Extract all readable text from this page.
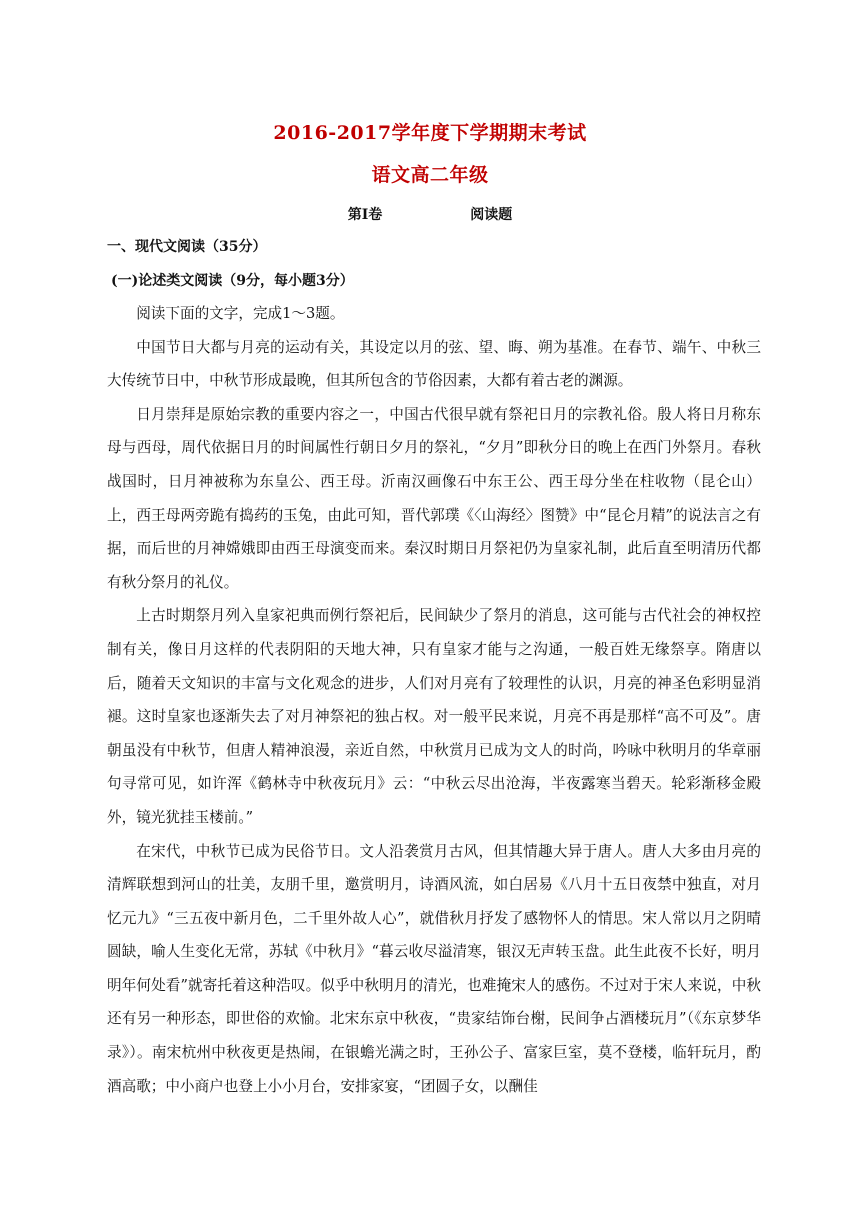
2016-2017学年度下学期期末考试
语文高二年级
第Ⅰ卷	阅读题
一、现代文阅读（35分）
(一)论述类文阅读（9分，每小题3分）

阅读下面的文字，完成1～3题。

中国节日大都与月亮的运动有关，其设定以月的弦、望、晦、朔为基准。在春节、端午、中秋三大传统节日中，中秋节形成最晚，但其所包含的节俗因素，大都有着古老的渊源。

日月崇拜是原始宗教的重要内容之一，中国古代很早就有祭祀日月的宗教礼俗。殷人将日月称东母与西母，周代依据日月的时间属性行朝日夕月的祭礼，“夕月”即秋分日的晚上在西门外祭月。春秋战国时，日月神被称为东皇公、西王母。沂南汉画像石中东王公、西王母分坐在柱收物（昆仑山）上，西王母两旁跪有捣药的玉兔，由此可知，晋代郭璞《〈山海经〉图赞》中“昆仑月精”的说法言之有据，而后世的月神嫦娥即由西王母演变而来。秦汉时期日月祭祀仍为皇家礼制，此后直至明清历代都有秋分祭月的礼仪。

上古时期祭月列入皇家祀典而例行祭祀后，民间缺少了祭月的消息，这可能与古代社会的神权控制有关，像日月这样的代表阴阳的天地大神，只有皇家才能与之沟通，一般百姓无缘祭享。隋唐以后，随着天文知识的丰富与文化观念的进步，人们对月亮有了较理性的认识，月亮的神圣色彩明显消褪。这时皇家也逐渐失去了对月神祭祀的独占权。对一般平民来说，月亮不再是那样“高不可及”。唐朝虽没有中秋节，但唐人精神浪漫，亲近自然，中秋赏月已成为文人的时尚，吟咏中秋明月的华章丽句寻常可见，如许浑《鹤林寺中秋夜玩月》云：“中秋云尽出沧海，半夜露寒当碧天。轮彩渐移金殿外，镜光犹挂玉楼前。”

在宋代，中秋节已成为民俗节日。文人沿袭赏月古风，但其情趣大异于唐人。唐人大多由月亮的清辉联想到河山的壮美，友朋千里，邀赏明月，诗酒风流，如白居易《八月十五日夜禁中独直，对月忆元九》“三五夜中新月色，二千里外故人心”，就借秋月抒发了感物怀人的情思。宋人常以月之阴晴圆缺，喻人生变化无常，苏轼《中秋月》“暮云收尽溢清寒，银汉无声转玉盘。此生此夜不长好，明月明年何处看”就寄托着这种浩叹。似乎中秋明月的清光，也难掩宋人的感伤。不过对于宋人来说，中秋还有另一种形态，即世俗的欢愉。北宋东京中秋夜，“贵家结饰台榭，民间争占酒楼玩月”（《东京梦华录》）。南宋杭州中秋夜更是热闹，在银蟾光满之时，王孙公子、富家巨室，莫不登楼，临轩玩月，酌酒高歌；中小商户也登上小小月台，安排家宴，“团圆子女，以酬佳
